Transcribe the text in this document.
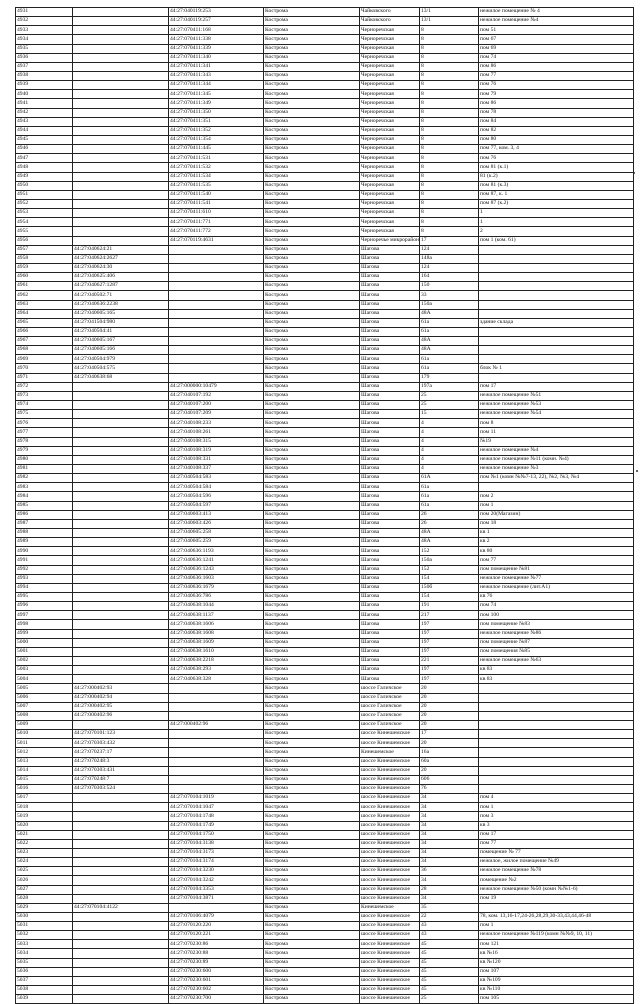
4931		44:27:040119:253	Кострома	Чайковского	13/1	нежилое помещение № 4
4932		44:27:040119:257	Кострома	Чайковского	13/1	нежилое помещение №4
4933		44:27:070411:168	Кострома	Черноречская	8	пом 51
4934		44:27:070411:338	Кострома	Черноречская	8	пом 67
4935		44:27:070411:339	Кострома	Черноречская	8	пом 69
4936		44:27:070411:340	Кострома	Черноречская	8	пом 74
4937		44:27:070411:341	Кострома	Черноречская	8	пом 86
4938		44:27:070411:343	Кострома	Черноречская	8	пом 77
4939		44:27:070411:344	Кострома	Черноречская	8	пом 76
4940		44:27:070411:345	Кострома	Черноречская	8	пом 79
4941		44:27:070411:349	Кострома	Черноречская	8	пом 86
4942		44:27:070411:350	Кострома	Черноречская	8	пом 78
4943		44:27:070411:351	Кострома	Черноречская	8	пом 84
4944		44:27:070411:352	Кострома	Черноречская	8	пом 82
4945		44:27:070411:354	Кострома	Черноречская	8	пом 80
4946		44:27:070411:445	Кострома	Черноречская	8	пом 77, ком. 3, 4
4947		44:27:070411:531	Кострома	Черноречская	8	пом 76
4948		44:27:070411:532	Кострома	Черноречская	8	пом 81 (к.1)
4949		44:27:070411:534	Кострома	Черноречская	8	81 (к.2)
4950		44:27:070411:535	Кострома	Черноречская	8	пом 81 (к.3)
4951		44:27:070411:540	Кострома	Черноречская	8	пом 87, к. 1
4952		44:27:070411:541	Кострома	Черноречская	8	пом 87 (к.2)
4953		44:27:070411:610	Кострома	Черноречская	8	1
4954		44:27:070411:771	Кострома	Черноречская	8	1
4955		44:27:070411:772	Кострома	Черноречская	8	2
4956		44:27:070119:4631	Кострома	Черноречье микрорайон	17	пом 1 (ком. 61)
4957	44:27:040624:21		Кострома	Шагова	124	
4958	44:27:040624:2627		Кострома	Шагова	148а	
4959	44:27:040624:30		Кострома	Шагова	124	
4960	44:27:040625:406		Кострома	Шагова	164	
4961	44:27:040627:1287		Кострома	Шагова	150	
4962	44:27:040502:71		Кострома	Шагова	33	
4963	44:27:040636:2238		Кострома	Шагова	150а	
4964	44:27:040605:165		Кострома	Шагова	48А	
4965	44:27:041504:980		Кострома	Шагова	61а	здание склада
4966	44:27:040504:41		Кострома	Шагова	61а	
4967	44:27:040605:167		Кострома	Шагова	48А	
4968	44:27:040605:166		Кострома	Шагова	48А	
4969	44:27:040504:979		Кострома	Шагова	61а	
4970	44:27:040504:575		Кострома	Шагова	61а	блок № 1
4971	44:27:040638:68		Кострома	Шагова	179	
4972		44:27:000000:10479	Кострома	Шагова	197а	пом 17
4973		44:27:040107:192	Кострома	Шагова	25	нежилое помещение №51
4974		44:27:040107:200	Кострома	Шагова	25	нежилое помещение №53
4975		44:27:040107:209	Кострома	Шагова	15	нежилое помещение №54
4976		44:27:040108:233	Кострома	Шагова	4	пом 8
4977		44:27:040108:261	Кострома	Шагова	4	пом 11
4978		44:27:040108:315	Кострома	Шагова	4	№19
4979		44:27:040108:319	Кострома	Шагова	4	нежилое помещение №4
4980		44:27:040108:331	Кострома	Шагова	4	нежилое помещение №11 (комн. №4)
4981		44:27:040108:337	Кострома	Шагова	4	нежилое помещение №3
4982		44:27:040504:583	Кострома	Шагова	61А	пом №1 (комн №№7-13, 22), №2, №3, №4
4983		44:27:040504:584	Кострома	Шагова	61а	
4984		44:27:040504:596	Кострома	Шагова	61а	пом 2
4985		44:27:040504:597	Кострома	Шагова	61а	пом 1
4986		44:27:040603:413	Кострома	Шагова	26	пом 20(Магазин)
4987		44:27:040603:426	Кострома	Шагова	26	пом 18
4988		44:27:040605:258	Кострома	Шагова	48А	кв 1
4989		44:27:040605:259	Кострома	Шагова	48А	кв 2
4990		44:27:040636:1193	Кострома	Шагова	152	кв 80
4991		44:27:040636:1241	Кострома	Шагова	150а	пом 77
4992		44:27:040636:1243	Кострома	Шагова	152	пом помещение №81
4993		44:27:040636:1603	Кострома	Шагова	154	нежилое помещение №77
4994		44:27:040636:1679	Кострома	Шагова	150б	нежилое помещение (лит.А1)
4995		44:27:040636:786	Кострома	Шагова	154	кв 76
4996		44:27:040638:1044	Кострома	Шагова	191	пом 74
4997		44:27:040638:1137	Кострома	Шагова	217	пом 100
4998		44:27:040638:1606	Кострома	Шагова	197	пом помещение №83
4999		44:27:040638:1608	Кострома	Шагова	197	нежилое помещение №86
5000		44:27:040638:1609	Кострома	Шагова	197	пом помещение №87
5001		44:27:040638:1610	Кострома	Шагова	197	пом помещения №85
5002		44:27:040638:2218	Кострома	Шагова	221	нежилое помещение №63
5003		44:27:040638:293	Кострома	Шагова	197	кв 83
5004		44:27:040638:328	Кострома	Шагова	197	кв 83
5005	44:27:000402:93		Кострома	шоссе Галичское	20	
5006	44:27:000402:94		Кострома	шоссе Галичское	20	
5007	44:27:000402:95		Кострома	шоссе Галичское	20	
5008	44:27:000402:96		Кострома	шоссе Галичское	20	
5009		44:27:000402:96	Кострома	шоссе Галичское	20	
5010	44:27:070101:123		Кострома	шоссе Кинешемское	17	
5011	44:27:070303:432		Кострома	шоссе Кинешемское	20	
5012	44:27:070237:17		Кострома	Кинешемское	16а	
5013	44:27:070248:3		Кострома	шоссе Кинешемское	60а	
5014	44:27:070303:431		Кострома	шоссе Кинешемское	20	
5015	44:27:070248:7		Кострома	шоссе Кинешемское	606	
5016	44:27:070303:524		Кострома	шоссе Кинешемское	76	
5017		44:27:070104:1019	Кострома	шоссе Кинешемское	34	пом 4
5018		44:27:070104:1047	Кострома	шоссе Кинешемское	34	пом 1
5019		44:27:070104:1748	Кострома	шоссе Кинешемское	34	пом 3
5020		44:27:070104:1749	Кострома	шоссе Кинешемское	34	кв 3
5021		44:27:070104:1750	Кострома	шоссе Кинешемское	34	пом 17
5022		44:27:070104:3138	Кострома	шоссе Кинешемское	34	пом 77
5023		44:27:070104:3173	Кострома	шоссе Кинешемское	34	помещение № 77
5024		44:27:070104:3174	Кострома	шоссе Кинешемское	34	нежилое, жилое помещение №49
5025		44:27:070104:3230	Кострома	шоссе Кинешемское	36	нежилое помещение №78
5026		44:27:070104:3242	Кострома	шоссе Кинешемское	34	помещение №2
5027		44:27:070104:3353	Кострома	шоссе Кинешемское	28	нежилое помещение №50 (комн №№1-6)
5028		44:27:070104:3871	Кострома	шоссе Кинешемское	34	пом 19
5029	44:27:070104:4122		Кострома	Кинешемское	35	
5030		44:27:070106:4079	Кострома	шоссе Кинешемское	22	78, ком. 13,16-17,24-26,28,29,30-33,43,44,46-48
5031		44:27:070120:220	Кострома	шоссе Кинешемское	43	пом 1
5032		44:27:070120:221	Кострома	шоссе Кинешемское	43	нежилое помещение №119 (комн №№9, 10, 11)
5033		44:27:070230:86	Кострома	шоссе Кинешемское	45	пом 121
5034		44:27:070230:88	Кострома	шоссе Кинешемское	45	кв №16
5035		44:27:070230:89	Кострома	шоссе Кинешемское	45	кв №120
5036		44:27:070230:600	Кострома	шоссе Кинешемское	45	пом 107
5037		44:27:070230:601	Кострома	шоссе Кинешемское	45	кв №109
5038		44:27:070230:602	Кострома	шоссе Кинешемское	45	кв №110
5039		44:27:070230:700	Кострома	шоссе Кинешемское	25	пом 105
